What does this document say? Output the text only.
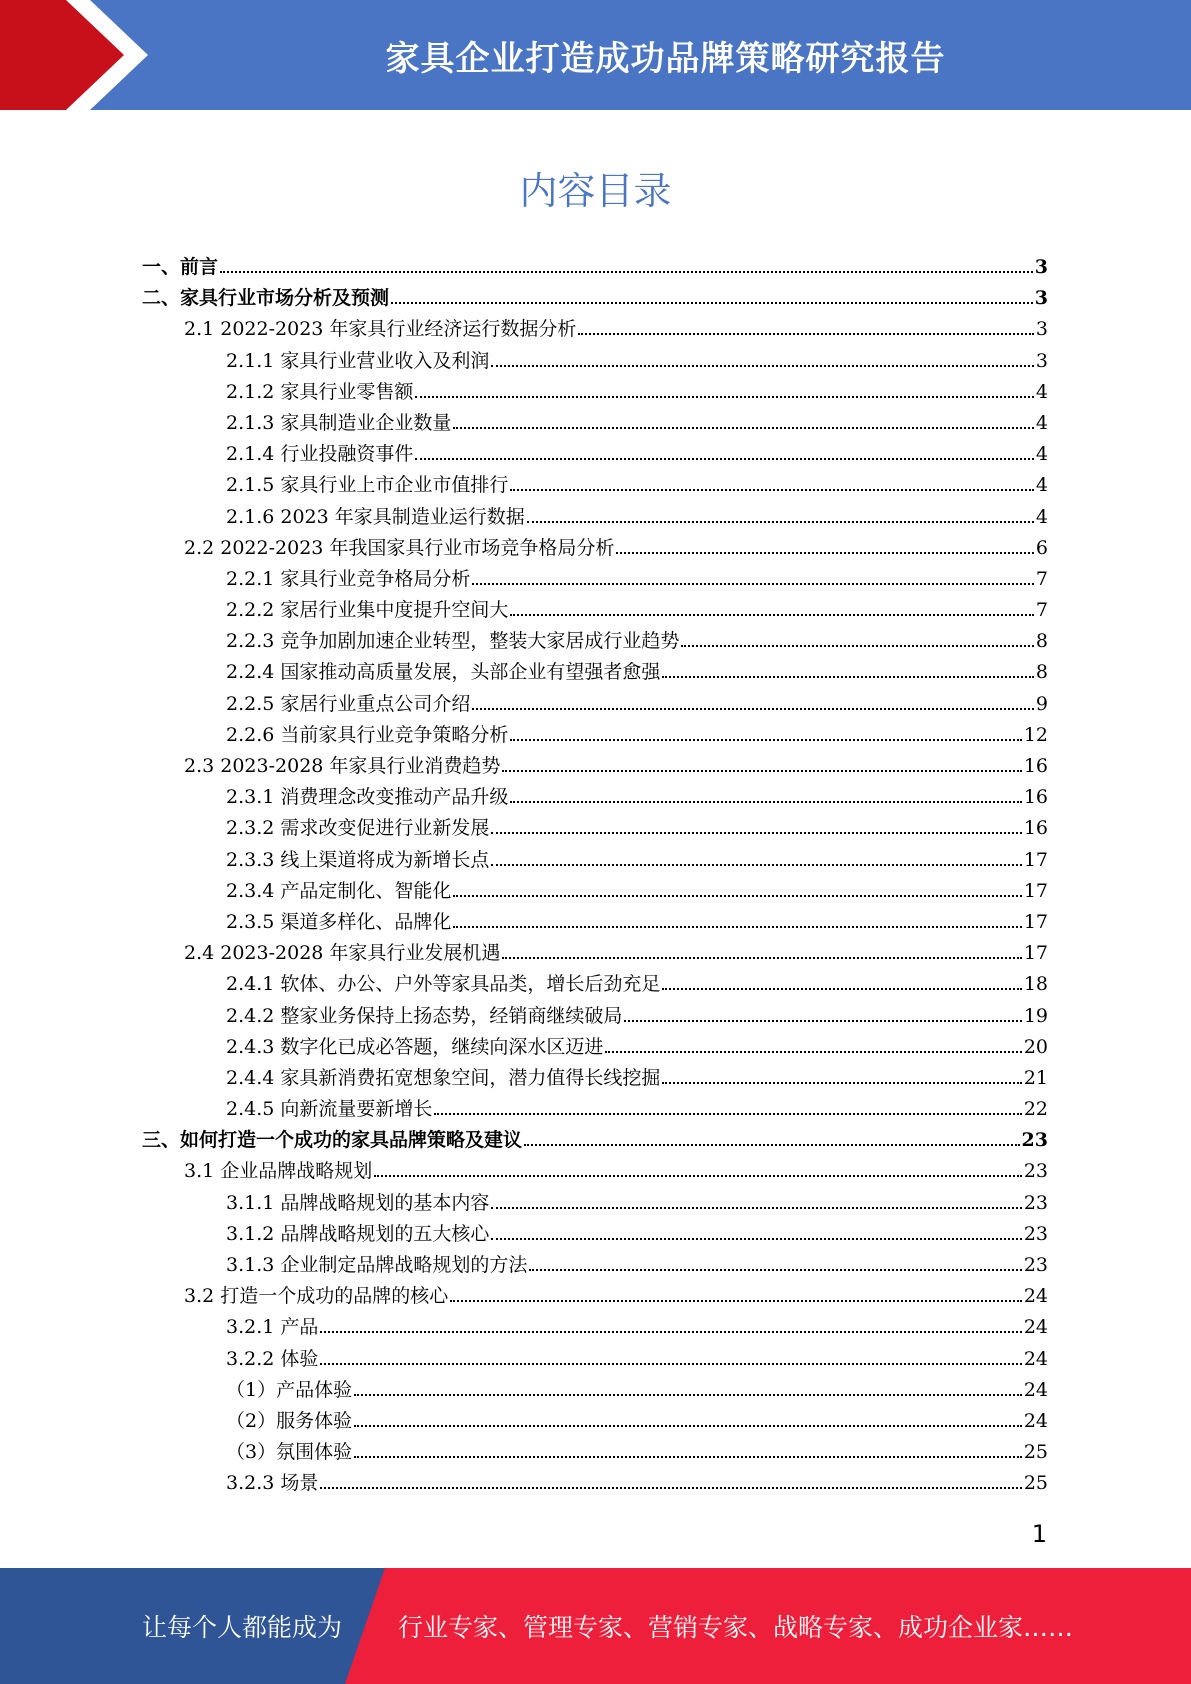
家具企业打造成功品牌策略研究报告
内容目录
一、前言	3
二、家具行业市场分析及预测	3
2.1 2022-2023 年家具行业经济运行数据分析	3
2.1.1 家具行业营业收入及利润	3
2.1.2 家具行业零售额	4
2.1.3 家具制造业企业数量	4
2.1.4 行业投融资事件	4
2.1.5 家具行业上市企业市值排行	4
2.1.6 2023 年家具制造业运行数据	4
2.2 2022-2023 年我国家具行业市场竞争格局分析	6
2.2.1 家具行业竞争格局分析	7
2.2.2 家居行业集中度提升空间大	7
2.2.3 竞争加剧加速企业转型，整装大家居成行业趋势	8
2.2.4 国家推动高质量发展，头部企业有望强者愈强	8
2.2.5 家居行业重点公司介绍	9
2.2.6 当前家具行业竞争策略分析	12
2.3 2023-2028 年家具行业消费趋势	16
2.3.1 消费理念改变推动产品升级	16
2.3.2 需求改变促进行业新发展	16
2.3.3 线上渠道将成为新增长点	17
2.3.4 产品定制化、智能化	17
2.3.5 渠道多样化、品牌化	17
2.4 2023-2028 年家具行业发展机遇	17
2.4.1 软体、办公、户外等家具品类，增长后劲充足	18
2.4.2 整家业务保持上扬态势，经销商继续破局	19
2.4.3 数字化已成必答题，继续向深水区迈进	20
2.4.4 家具新消费拓宽想象空间，潜力值得长线挖掘	21
2.4.5 向新流量要新增长	22
三、如何打造一个成功的家具品牌策略及建议	23
3.1 企业品牌战略规划	23
3.1.1 品牌战略规划的基本内容	23
3.1.2 品牌战略规划的五大核心	23
3.1.3 企业制定品牌战略规划的方法	23
3.2 打造一个成功的品牌的核心	24
3.2.1 产品	24
3.2.2 体验	24
（1）产品体验	24
（2）服务体验	24
（3）氛围体验	25
3.2.3 场景	25
1
让每个人都能成为 行业专家、管理专家、营销专家、战略专家、成功企业家……
